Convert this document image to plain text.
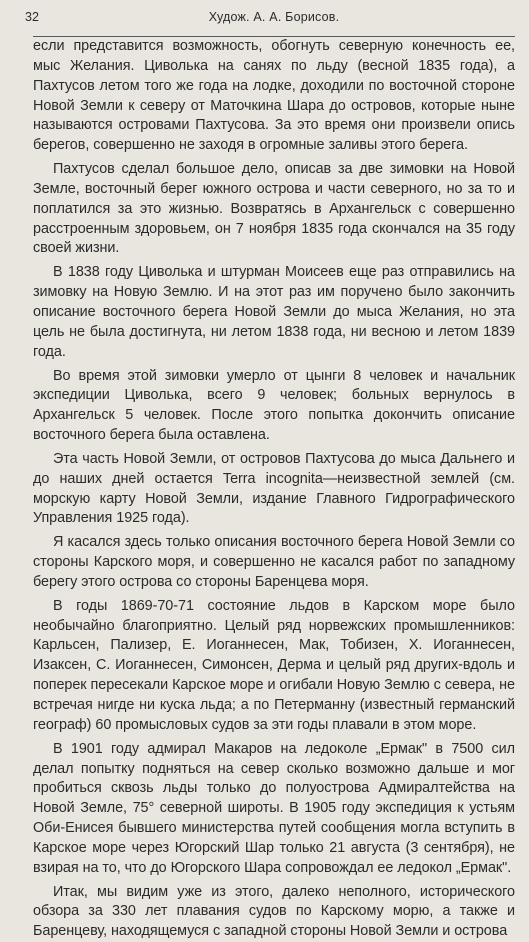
32	Худож. А. А. Борисов.

если представится возможность, обогнуть северную конечность ее, мыс Желания. Циволька на санях по льду (весной 1835 года), а Пахтусов летом того же года на лодке, доходили по восточной стороне Новой Земли к северу от Маточкина Шара до островов, которые ныне называются островами Пахтусова. За это время они произвели опись берегов, совершенно не заходя в огромные заливы этого берега.

Пахтусов сделал большое дело, описав за две зимовки на Новой Земле, восточный берег южного острова и части северного, но за то и поплатился за это жизнью. Возвратясь в Архангельск с совершенно расстроенным здоровьем, он 7 ноября 1835 года скончался на 35 году своей жизни.

В 1838 году Циволька и штурман Моисеев еще раз отправились на зимовку на Новую Землю. И на этот раз им поручено было закончить описание восточного берега Новой Земли до мыса Желания, но эта цель не была достигнута, ни летом 1838 года, ни весною и летом 1839 года.

Во время этой зимовки умерло от цынги 8 человек и начальник экспедиции Циволька, всего 9 человек; больных вернулось в Архангельск 5 человек. После этого попытка докончить описание восточного берега была оставлена.

Эта часть Новой Земли, от островов Пахтусова до мыса Дальнего и до наших дней остается Terra incognita—неизвестной землей (см. морскую карту Новой Земли, издание Главного Гидрографического Управления 1925 года).

Я касался здесь только описания восточного берега Новой Земли со стороны Карского моря, и совершенно не касался работ по западному берегу этого острова со стороны Баренцева моря.

В годы 1869-70-71 состояние льдов в Карском море было необычайно благоприятно. Целый ряд норвежских промышленников: Карльсен, Пализер, Е. Иоганнесен, Мак, Тобизен, Х. Иоганнесен, Изаксен, С. Иоганнесен, Симонсен, Дерма и целый ряд других-вдоль и поперек пересекали Карское море и огибали Новую Землю с севера, не встречая нигде ни куска льда; а по Петерманну (известный германский географ) 60 промысловых судов за эти годы плавали в этом море.

В 1901 году адмирал Макаров на ледоколе „Ермак" в 7500 сил делал попытку подняться на север сколько возможно дальше и мог пробиться сквозь льды только до полуострова Адмиралтейства на Новой Земле, 75° северной широты. В 1905 году экспедиция к устьям Оби-Енисея бывшего министерства путей сообщения могла вступить в Карское море через Югорский Шар только 21 августа (3 сентября), не взирая на то, что до Югорского Шара сопровождал ее ледокол „Ермак".

Итак, мы видим уже из этого, далеко неполного, исторического обзора за 330 лет плавания судов по Карскому морю, а также и Баренцеву, находящемуся с западной стороны Новой Земли и острова
